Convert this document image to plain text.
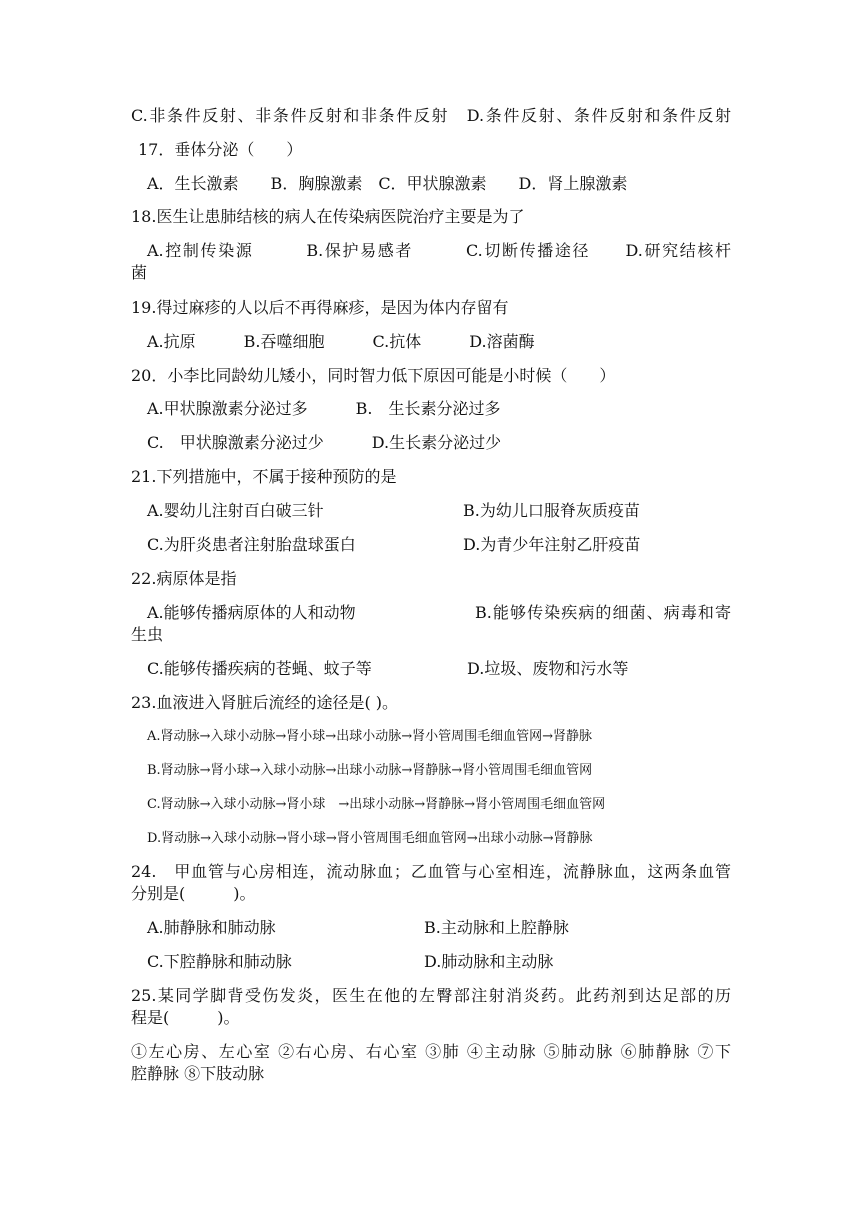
C.非条件反射、非条件反射和非条件反射　D.条件反射、条件反射和条件反射
17．垂体分泌（　　）
A．生长激素　　B．胸腺激素　C．甲状腺激素　　D．肾上腺激素
18.医生让患肺结核的病人在传染病医院治疗主要是为了
A.控制传染源　　　B.保护易感者　　　C.切断传播途径　　D.研究结核杆
菌
19.得过麻疹的人以后不再得麻疹，是因为体内存留有
A.抗原　　　B.吞噬细胞　　　C.抗体　　　D.溶菌酶
20．小李比同龄幼儿矮小，同时智力低下原因可能是小时候（　　）
A.甲状腺激素分泌过多　　　B.　生长素分泌过多
C.　甲状腺激素分泌过少　　　D.生长素分泌过少
21.下列措施中，不属于接种预防的是
A.婴幼儿注射百白破三针	B.为幼儿口服脊灰质疫苗
C.为肝炎患者注射胎盘球蛋白	D.为青少年注射乙肝疫苗
22.病原体是指
A.能够传播病原体的人和动物	B.能够传染疾病的细菌、病毒和寄
生虫
C.能够传播疾病的苍蝇、蚊子等	D.垃圾、废物和污水等
23.血液进入肾脏后流经的途径是( )。
A.肾动脉→入球小动脉→肾小球→出球小动脉→肾小管周围毛细血管网→肾静脉
B.肾动脉→肾小球→入球小动脉→出球小动脉→肾静脉→肾小管周围毛细血管网
C.肾动脉→入球小动脉→肾小球　→出球小动脉→肾静脉→肾小管周围毛细血管网
D.肾动脉→入球小动脉→肾小球→肾小管周围毛细血管网→出球小动脉→肾静脉
24.　甲血管与心房相连，流动脉血；乙血管与心室相连，流静脉血，这两条血管
分别是(　　　)。
A.肺静脉和肺动脉	B.主动脉和上腔静脉
C.下腔静脉和肺动脉	D.肺动脉和主动脉
25.某同学脚背受伤发炎，医生在他的左臀部注射消炎药。此药剂到达足部的历
程是(　　　)。
①左心房、左心室 ②右心房、右心室 ③肺 ④主动脉 ⑤肺动脉 ⑥肺静脉 ⑦下
腔静脉 ⑧下肢动脉
